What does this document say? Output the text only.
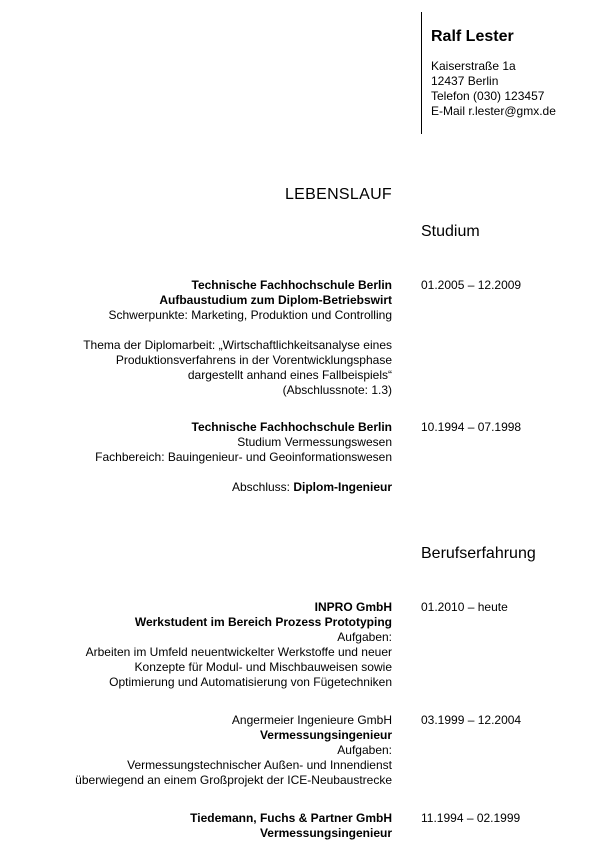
Ralf Lester
Kaiserstraße 1a
12437 Berlin
Telefon (030) 123457
E-Mail r.lester@gmx.de
LEBENSLAUF
Studium
Technische Fachhochschule Berlin
Aufbaustudium zum Diplom-Betriebswirt
Schwerpunkte: Marketing, Produktion und Controlling
Thema der Diplomarbeit: „Wirtschaftlichkeitsanalyse eines
Produktionsverfahrens in der Vorentwicklungsphase
dargestellt anhand eines Fallbeispiels“
(Abschlussnote: 1.3)
01.2005 – 12.2009
Technische Fachhochschule Berlin
Studium Vermessungswesen
Fachbereich: Bauingenieur- und Geoinformationswesen
Abschluss: Diplom-Ingenieur
10.1994 – 07.1998
Berufserfahrung
INPRO GmbH
Werkstudent im Bereich Prozess Prototyping
Aufgaben:
Arbeiten im Umfeld neuentwickelter Werkstoffe und neuer
Konzepte für Modul- und Mischbauweisen sowie
Optimierung und Automatisierung von Fügetechniken
01.2010 – heute
Angermeier Ingenieure GmbH
Vermessungsingenieur
Aufgaben:
Vermessungstechnischer Außen- und Innendienst
überwiegend an einem Großprojekt der ICE-Neubaustrecke
03.1999 – 12.2004
Tiedemann, Fuchs & Partner GmbH
Vermessungsingenieur
11.1994 – 02.1999
